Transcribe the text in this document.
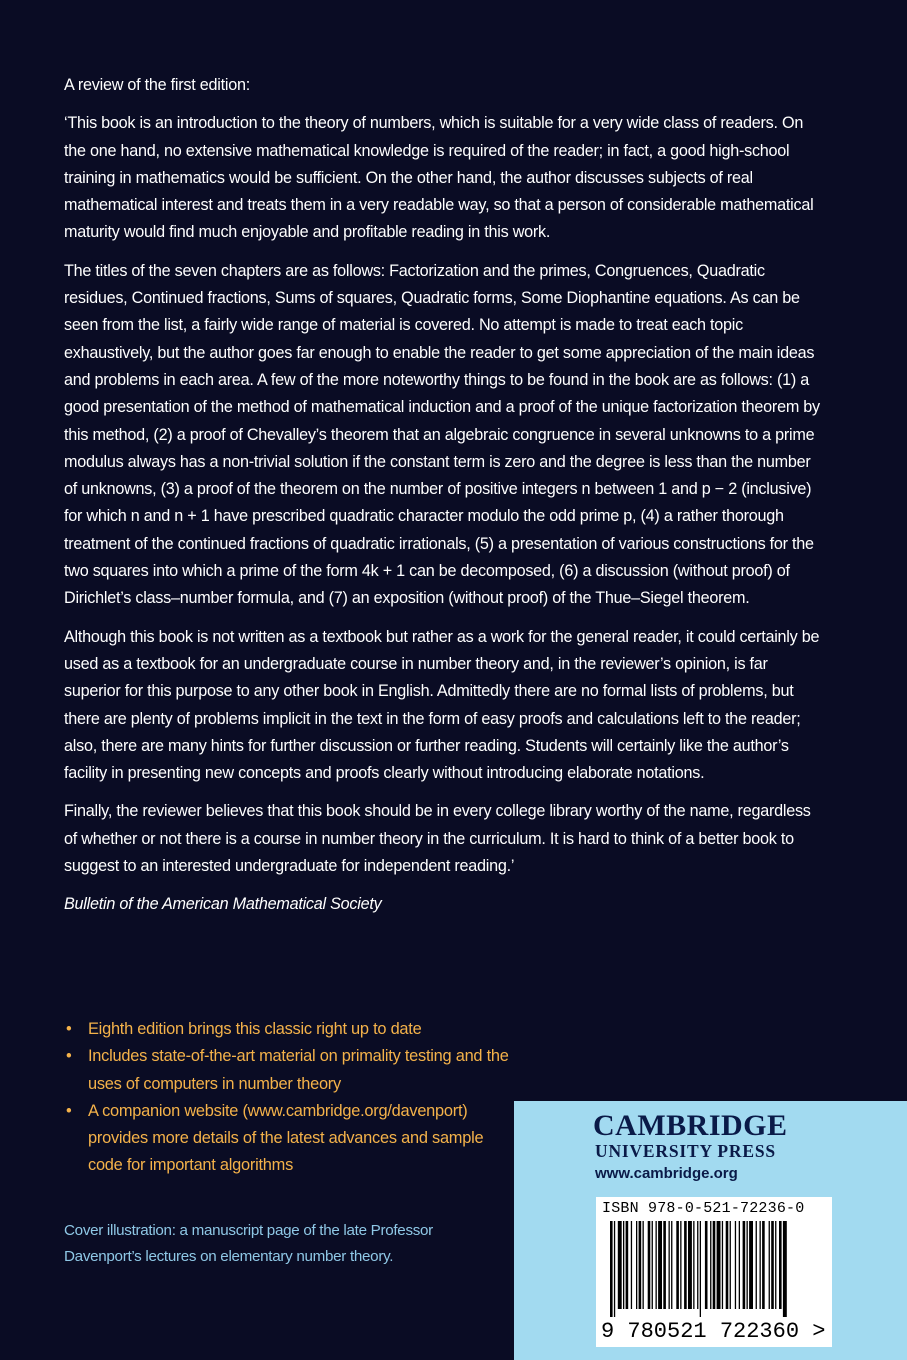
A review of the first edition:

‘This book is an introduction to the theory of numbers, which is suitable for a very wide class of readers. On the one hand, no extensive mathematical knowledge is required of the reader; in fact, a good high-school training in mathematics would be sufficient. On the other hand, the author discusses subjects of real mathematical interest and treats them in a very readable way, so that a person of considerable mathematical maturity would find much enjoyable and profitable reading in this work.

The titles of the seven chapters are as follows: Factorization and the primes, Congruences, Quadratic residues, Continued fractions, Sums of squares, Quadratic forms, Some Diophantine equations. As can be seen from the list, a fairly wide range of material is covered. No attempt is made to treat each topic exhaustively, but the author goes far enough to enable the reader to get some appreciation of the main ideas and problems in each area. A few of the more noteworthy things to be found in the book are as follows: (1) a good presentation of the method of mathematical induction and a proof of the unique factorization theorem by this method, (2) a proof of Chevalley’s theorem that an algebraic congruence in several unknowns to a prime modulus always has a non-trivial solution if the constant term is zero and the degree is less than the number of unknowns, (3) a proof of the theorem on the number of positive integers n between 1 and p − 2 (inclusive) for which n and n + 1 have prescribed quadratic character modulo the odd prime p, (4) a rather thorough treatment of the continued fractions of quadratic irrationals, (5) a presentation of various constructions for the two squares into which a prime of the form 4k + 1 can be decomposed, (6) a discussion (without proof) of Dirichlet’s class–number formula, and (7) an exposition (without proof) of the Thue–Siegel theorem.

Although this book is not written as a textbook but rather as a work for the general reader, it could certainly be used as a textbook for an undergraduate course in number theory and, in the reviewer’s opinion, is far superior for this purpose to any other book in English. Admittedly there are no formal lists of problems, but there are plenty of problems implicit in the text in the form of easy proofs and calculations left to the reader; also, there are many hints for further discussion or further reading. Students will certainly like the author’s facility in presenting new concepts and proofs clearly without introducing elaborate notations.

Finally, the reviewer believes that this book should be in every college library worthy of the name, regardless of whether or not there is a course in number theory in the curriculum. It is hard to think of a better book to suggest to an interested undergraduate for independent reading.’

Bulletin of the American Mathematical Society

• Eighth edition brings this classic right up to date
• Includes state-of-the-art material on primality testing and the uses of computers in number theory
• A companion website (www.cambridge.org/davenport) provides more details of the latest advances and sample code for important algorithms
Cover illustration: a manuscript page of the late Professor Davenport’s lectures on elementary number theory.
CAMBRIDGE
UNIVERSITY PRESS
www.cambridge.org
ISBN 978-0-521-72236-0
9 780521 722360 >
